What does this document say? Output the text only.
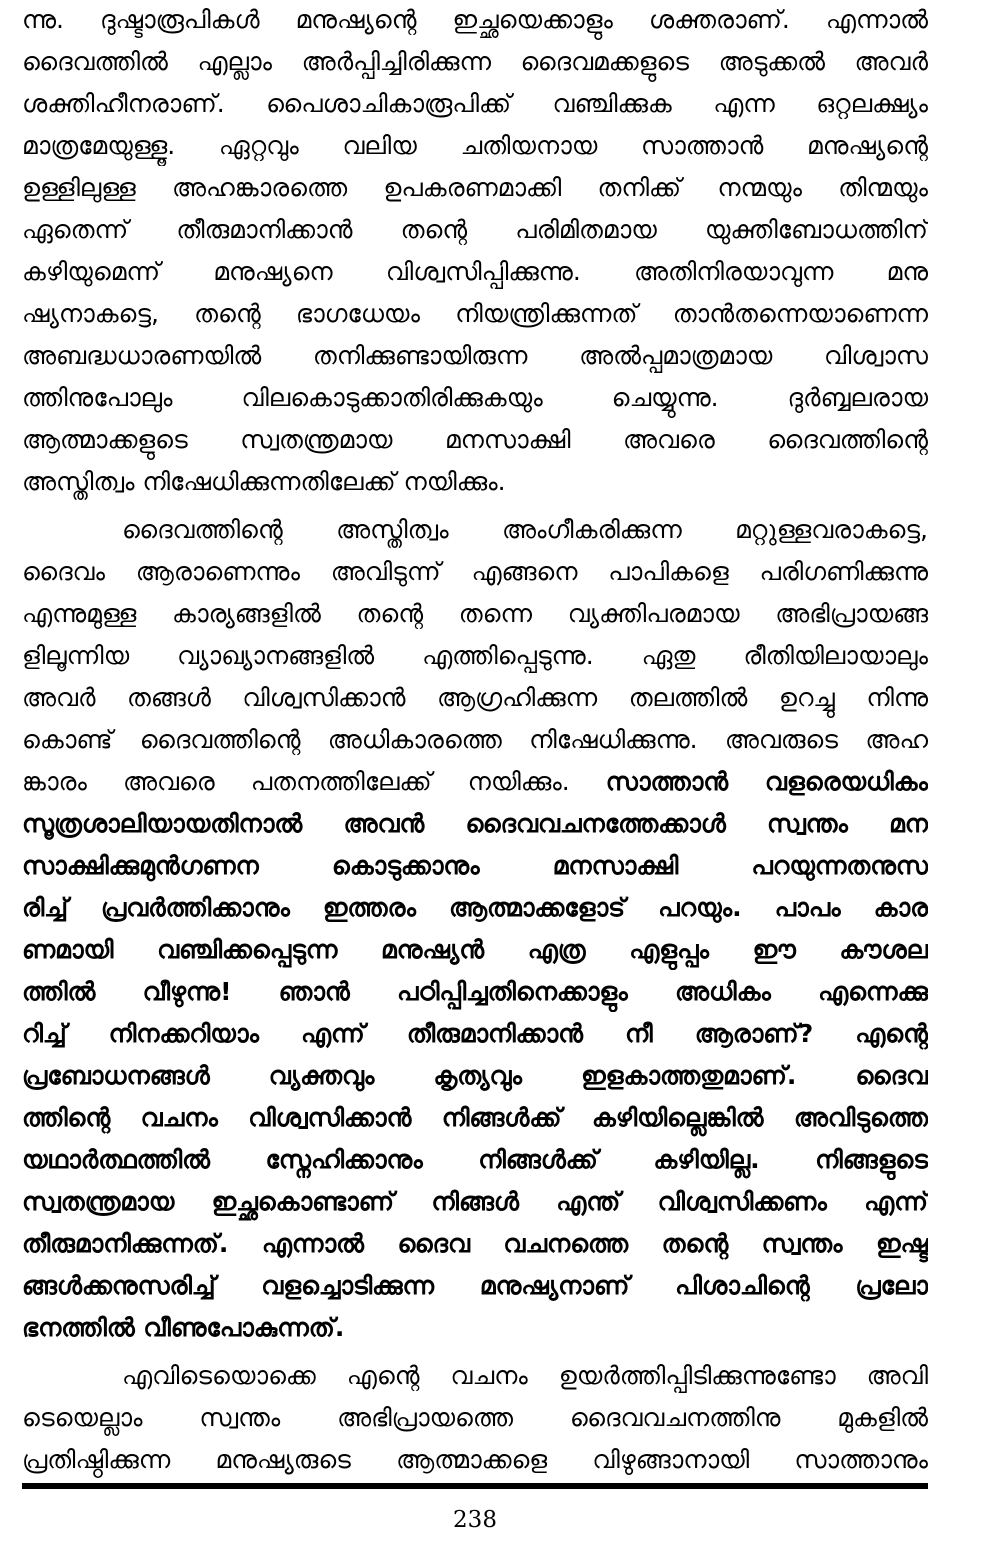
ന്നു. ദുഷ്ടാരൂപികൾ മനുഷ്യന്റെ ഇച്ഛയെക്കാളും ശക്തരാണ്. എന്നാൽ
ദൈവത്തിൽ എല്ലാം അർപ്പിച്ചിരിക്കുന്ന ദൈവമക്കളുടെ അടുക്കൽ അവർ
ശക്തിഹീനരാണ്. പൈശാചികാരൂപിക്ക് വഞ്ചിക്കുക എന്ന ഒറ്റലക്ഷ്യം
മാത്രമേയുള്ളൂ. ഏറ്റവും വലിയ ചതിയനായ സാത്താൻ മനുഷ്യന്റെ
ഉള്ളിലുള്ള അഹങ്കാരത്തെ ഉപകരണമാക്കി തനിക്ക് നന്മയും തിന്മയും
ഏതെന്ന് തീരുമാനിക്കാൻ തന്റെ പരിമിതമായ യുക്തിബോധത്തിന്
കഴിയുമെന്ന് മനുഷ്യനെ വിശ്വസിപ്പിക്കുന്നു. അതിനിരയാവുന്ന മനു
ഷ്യനാകട്ടെ, തന്റെ ഭാഗധേയം നിയന്ത്രിക്കുന്നത് താൻതന്നെയാണെന്ന
അബദ്ധധാരണയിൽ തനിക്കുണ്ടായിരുന്ന അൽപ്പമാത്രമായ വിശ്വാസ
ത്തിനുപോലും വിലകൊടുക്കാതിരിക്കുകയും ചെയ്യുന്നു. ദുർബ്ബലരായ
ആത്മാക്കളുടെ സ്വതന്ത്രമായ മനസാക്ഷി അവരെ ദൈവത്തിന്റെ
അസ്തിത്വം നിഷേധിക്കുന്നതിലേക്ക് നയിക്കും.
ദൈവത്തിന്റെ അസ്തിത്വം അംഗീകരിക്കുന്ന മറ്റുള്ളവരാകട്ടെ,
ദൈവം ആരാണെന്നും അവിടുന്ന് എങ്ങനെ പാപികളെ പരിഗണിക്കുന്നു
എന്നുമുള്ള കാര്യങ്ങളിൽ തന്റെ തന്നെ വ്യക്തിപരമായ അഭിപ്രായങ്ങ
ളിലൂന്നിയ വ്യാഖ്യാനങ്ങളിൽ എത്തിപ്പെടുന്നു. ഏതു രീതിയിലായാലും
അവർ തങ്ങൾ വിശ്വസിക്കാൻ ആഗ്രഹിക്കുന്ന തലത്തിൽ ഉറച്ചു നിന്നു
കൊണ്ട് ദൈവത്തിന്റെ അധികാരത്തെ നിഷേധിക്കുന്നു. അവരുടെ അഹ
ങ്കാരം അവരെ പതനത്തിലേക്ക് നയിക്കും. സാത്താൻ വളരെയധികം
സൂത്രശാലിയായതിനാൽ അവൻ ദൈവവചനത്തേക്കാൾ സ്വന്തം മന
സാക്ഷിക്കുമുൻഗണന കൊടുക്കാനും മനസാക്ഷി പറയുന്നതനുസ
രിച്ച് പ്രവർത്തിക്കാനും ഇത്തരം ആത്മാക്കളോട് പറയും. പാപം കാര
ണമായി വഞ്ചിക്കപ്പെടുന്ന മനുഷ്യൻ എത്ര എളുപ്പം ഈ കൗശല
ത്തിൽ വീഴുന്നു! ഞാൻ പഠിപ്പിച്ചതിനെക്കാളും അധികം എന്നെക്കു
റിച്ച് നിനക്കറിയാം എന്ന് തീരുമാനിക്കാൻ നീ ആരാണ്? എന്റെ
പ്രബോധനങ്ങൾ വ്യക്തവും കൃത്യവും ഇളകാത്തതുമാണ്. ദൈവ
ത്തിന്റെ വചനം വിശ്വസിക്കാൻ നിങ്ങൾക്ക് കഴിയില്ലെങ്കിൽ അവിടുത്തെ
യഥാർത്ഥത്തിൽ സ്നേഹിക്കാനും നിങ്ങൾക്ക് കഴിയില്ല. നിങ്ങളുടെ
സ്വതന്ത്രമായ ഇച്ഛകൊണ്ടാണ് നിങ്ങൾ എന്ത് വിശ്വസിക്കണം എന്ന്
തീരുമാനിക്കുന്നത്. എന്നാൽ ദൈവ വചനത്തെ തന്റെ സ്വന്തം ഇഷ്ട
ങ്ങൾക്കനുസരിച്ച് വളച്ചൊടിക്കുന്ന മനുഷ്യനാണ് പിശാചിന്റെ പ്രലോ
ഭനത്തിൽ വീണുപോകുന്നത്.
എവിടെയൊക്കെ എന്റെ വചനം ഉയർത്തിപ്പിടിക്കുന്നുണ്ടോ അവി
ടെയെല്ലാം സ്വന്തം അഭിപ്രായത്തെ ദൈവവചനത്തിനു മുകളിൽ
പ്രതിഷ്ഠിക്കുന്ന മനുഷ്യരുടെ ആത്മാക്കളെ വിഴുങ്ങാനായി സാത്താനും
238
